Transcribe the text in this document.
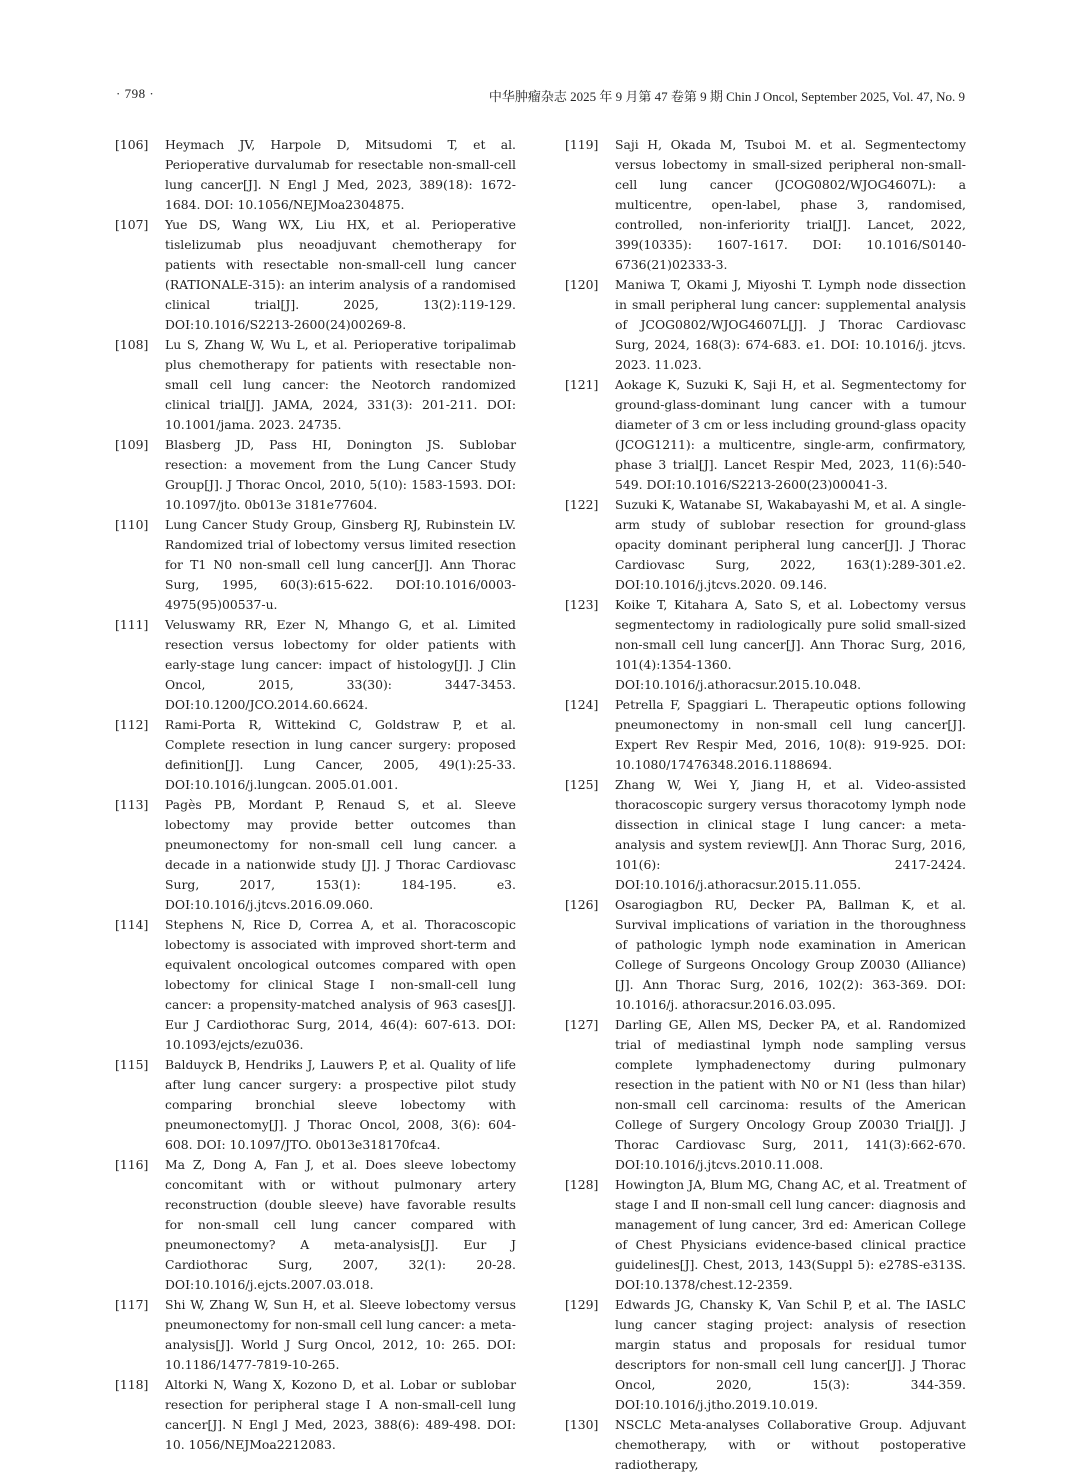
· 798 ·	中华肿瘤杂志 2025 年 9 月第 47 卷第 9 期 Chin J Oncol, September 2025, Vol. 47, No. 9
[106]	Heymach JV, Harpole D, Mitsudomi T, et al. Perioperative durvalumab for resectable non-small-cell lung cancer[J]. N Engl J Med, 2023, 389(18): 1672-1684. DOI: 10.1056/NEJMoa2304875.
[107]	Yue DS, Wang WX, Liu HX, et al. Perioperative tislelizumab plus neoadjuvant chemotherapy for patients with resectable non-small-cell lung cancer (RATIONALE-315): an interim analysis of a randomised clinical trial[J]. 2025, 13(2):119-129. DOI:10.1016/S2213-2600(24)00269-8.
[108]	Lu S, Zhang W, Wu L, et al. Perioperative toripalimab plus chemotherapy for patients with resectable non-small cell lung cancer: the Neotorch randomized clinical trial[J]. JAMA, 2024, 331(3): 201-211. DOI: 10.1001/jama. 2023. 24735.
[109]	Blasberg JD, Pass HI, Donington JS. Sublobar resection: a movement from the Lung Cancer Study Group[J]. J Thorac Oncol, 2010, 5(10): 1583-1593. DOI: 10.1097/jto. 0b013e 3181e77604.
[110]	Lung Cancer Study Group, Ginsberg RJ, Rubinstein LV. Randomized trial of lobectomy versus limited resection for T1 N0 non-small cell lung cancer[J]. Ann Thorac Surg, 1995, 60(3):615-622. DOI:10.1016/0003-4975(95)00537-u.
[111]	Veluswamy RR, Ezer N, Mhango G, et al. Limited resection versus lobectomy for older patients with early-stage lung cancer: impact of histology[J]. J Clin Oncol, 2015, 33(30): 3447-3453. DOI:10.1200/JCO.2014.60.6624.
[112]	Rami-Porta R, Wittekind C, Goldstraw P, et al. Complete resection in lung cancer surgery: proposed definition[J]. Lung Cancer, 2005, 49(1):25-33. DOI:10.1016/j.lungcan. 2005.01.001.
[113]	Pagès PB, Mordant P, Renaud S, et al. Sleeve lobectomy may provide better outcomes than pneumonectomy for non-small cell lung cancer. a decade in a nationwide study [J]. J Thorac Cardiovasc Surg, 2017, 153(1): 184-195. e3. DOI:10.1016/j.jtcvs.2016.09.060.
[114]	Stephens N, Rice D, Correa A, et al. Thoracoscopic lobectomy is associated with improved short-term and equivalent oncological outcomes compared with open lobectomy for clinical Stage Ⅰ non-small-cell lung cancer: a propensity-matched analysis of 963 cases[J]. Eur J Cardiothorac Surg, 2014, 46(4): 607-613. DOI: 10.1093/ejcts/ezu036.
[115]	Balduyck B, Hendriks J, Lauwers P, et al. Quality of life after lung cancer surgery: a prospective pilot study comparing bronchial sleeve lobectomy with pneumonectomy[J]. J Thorac Oncol, 2008, 3(6): 604-608. DOI: 10.1097/JTO. 0b013e318170fca4.
[116]	Ma Z, Dong A, Fan J, et al. Does sleeve lobectomy concomitant with or without pulmonary artery reconstruction (double sleeve) have favorable results for non-small cell lung cancer compared with pneumonectomy? A meta-analysis[J]. Eur J Cardiothorac Surg, 2007, 32(1): 20-28. DOI:10.1016/j.ejcts.2007.03.018.
[117]	Shi W, Zhang W, Sun H, et al. Sleeve lobectomy versus pneumonectomy for non-small cell lung cancer: a meta-analysis[J]. World J Surg Oncol, 2012, 10: 265. DOI: 10.1186/1477-7819-10-265.
[118]	Altorki N, Wang X, Kozono D, et al. Lobar or sublobar resection for peripheral stage Ⅰ A non-small-cell lung cancer[J]. N Engl J Med, 2023, 388(6): 489-498. DOI: 10. 1056/NEJMoa2212083.
[119]	Saji H, Okada M, Tsuboi M. et al. Segmentectomy versus lobectomy in small-sized peripheral non-small-cell lung cancer (JCOG0802/WJOG4607L): a multicentre, open-label, phase 3, randomised, controlled, non-inferiority trial[J]. Lancet, 2022, 399(10335): 1607-1617. DOI: 10.1016/S0140-6736(21)02333-3.
[120]	Maniwa T, Okami J, Miyoshi T. Lymph node dissection in small peripheral lung cancer: supplemental analysis of JCOG0802/WJOG4607L[J]. J Thorac Cardiovasc Surg, 2024, 168(3): 674-683. e1. DOI: 10.1016/j. jtcvs. 2023. 11.023.
[121]	Aokage K, Suzuki K, Saji H, et al. Segmentectomy for ground-glass-dominant lung cancer with a tumour diameter of 3 cm or less including ground-glass opacity (JCOG1211): a multicentre, single-arm, confirmatory, phase 3 trial[J]. Lancet Respir Med, 2023, 11(6):540-549. DOI:10.1016/S2213-2600(23)00041-3.
[122]	Suzuki K, Watanabe SI, Wakabayashi M, et al. A single-arm study of sublobar resection for ground-glass opacity dominant peripheral lung cancer[J]. J Thorac Cardiovasc Surg, 2022, 163(1):289-301.e2. DOI:10.1016/j.jtcvs.2020. 09.146.
[123]	Koike T, Kitahara A, Sato S, et al. Lobectomy versus segmentectomy in radiologically pure solid small-sized non-small cell lung cancer[J]. Ann Thorac Surg, 2016, 101(4):1354-1360. DOI:10.1016/j.athoracsur.2015.10.048.
[124]	Petrella F, Spaggiari L. Therapeutic options following pneumonectomy in non-small cell lung cancer[J]. Expert Rev Respir Med, 2016, 10(8): 919-925. DOI: 10.1080/17476348.2016.1188694.
[125]	Zhang W, Wei Y, Jiang H, et al. Video-assisted thoracoscopic surgery versus thoracotomy lymph node dissection in clinical stage Ⅰ lung cancer: a meta-analysis and system review[J]. Ann Thorac Surg, 2016, 101(6): 2417-2424. DOI:10.1016/j.athoracsur.2015.11.055.
[126]	Osarogiagbon RU, Decker PA, Ballman K, et al. Survival implications of variation in the thoroughness of pathologic lymph node examination in American College of Surgeons Oncology Group Z0030 (Alliance) [J]. Ann Thorac Surg, 2016, 102(2): 363-369. DOI: 10.1016/j. athoracsur.2016.03.095.
[127]	Darling GE, Allen MS, Decker PA, et al. Randomized trial of mediastinal lymph node sampling versus complete lymphadenectomy during pulmonary resection in the patient with N0 or N1 (less than hilar) non-small cell carcinoma: results of the American College of Surgery Oncology Group Z0030 Trial[J]. J Thorac Cardiovasc Surg, 2011, 141(3):662-670. DOI:10.1016/j.jtcvs.2010.11.008.
[128]	Howington JA, Blum MG, Chang AC, et al. Treatment of stage Ⅰ and Ⅱ non-small cell lung cancer: diagnosis and management of lung cancer, 3rd ed: American College of Chest Physicians evidence-based clinical practice guidelines[J]. Chest, 2013, 143(Suppl 5): e278S-e313S. DOI:10.1378/chest.12-2359.
[129]	Edwards JG, Chansky K, Van Schil P, et al. The IASLC lung cancer staging project: analysis of resection margin status and proposals for residual tumor descriptors for non-small cell lung cancer[J]. J Thorac Oncol, 2020, 15(3): 344-359. DOI:10.1016/j.jtho.2019.10.019.
[130]	NSCLC Meta-analyses Collaborative Group. Adjuvant chemotherapy, with or without postoperative radiotherapy,
